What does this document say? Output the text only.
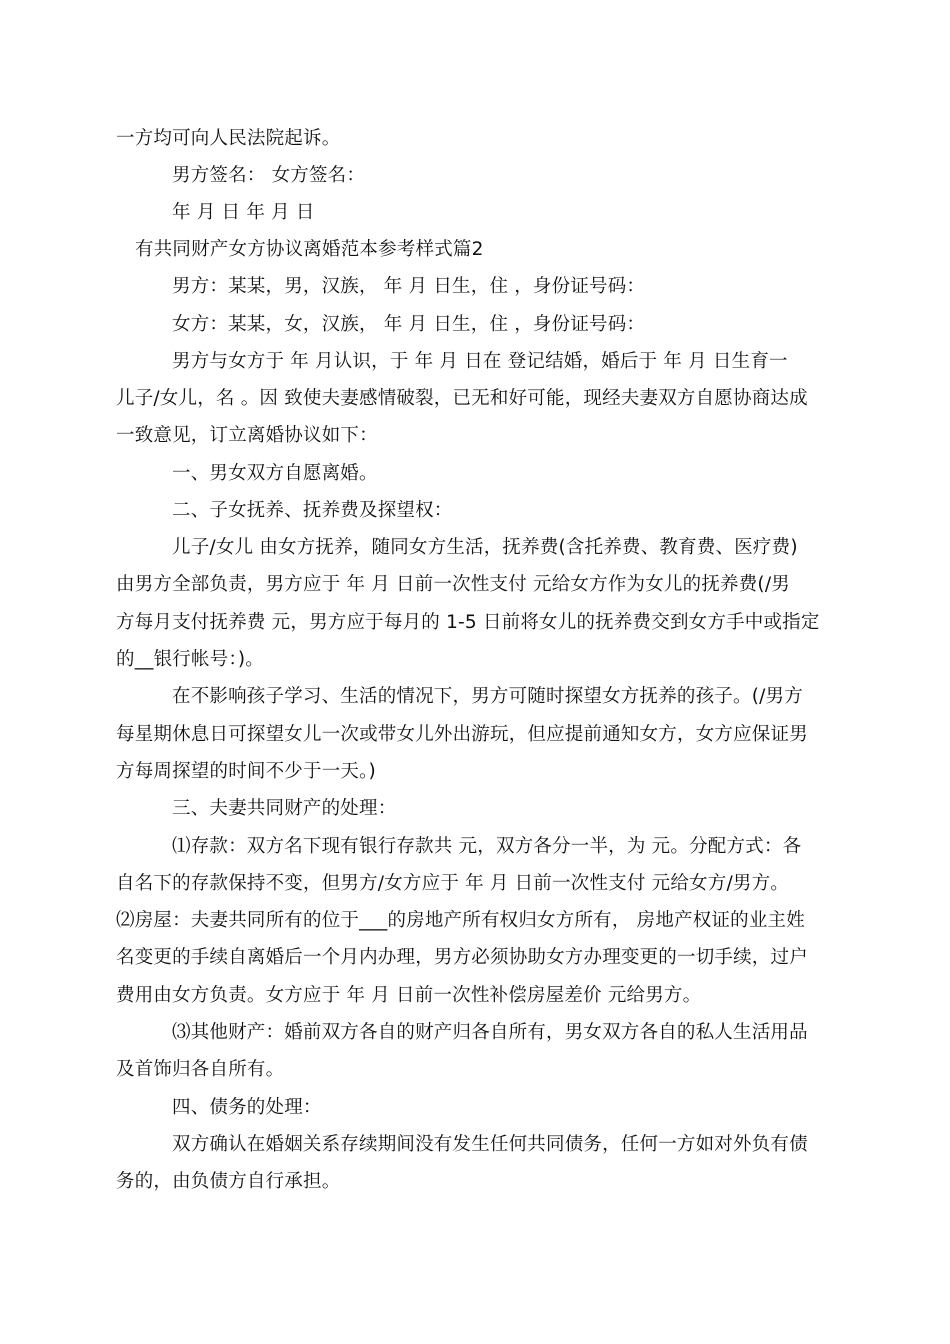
一方均可向人民法院起诉。
男方签名： 女方签名：
年 月 日 年 月 日
有共同财产女方协议离婚范本参考样式篇2
男方：某某，男，汉族， 年 月 日生，住 ，身份证号码：
女方：某某，女，汉族， 年 月 日生，住 ，身份证号码：
男方与女方于 年 月认识，于 年 月 日在 登记结婚，婚后于 年 月 日生育一
儿子/女儿，名 。因 致使夫妻感情破裂，已无和好可能，现经夫妻双方自愿协商达成
一致意见，订立离婚协议如下：
一、男女双方自愿离婚。
二、子女抚养、抚养费及探望权：
儿子/女儿 由女方抚养，随同女方生活，抚养费(含托养费、教育费、医疗费)
由男方全部负责，男方应于 年 月 日前一次性支付 元给女方作为女儿的抚养费(/男
方每月支付抚养费 元，男方应于每月的 1-5 日前将女儿的抚养费交到女方手中或指定
的__银行帐号：)。
在不影响孩子学习、生活的情况下，男方可随时探望女方抚养的孩子。(/男方
每星期休息日可探望女儿一次或带女儿外出游玩，但应提前通知女方，女方应保证男
方每周探望的时间不少于一天。)
三、夫妻共同财产的处理：
⑴存款：双方名下现有银行存款共 元，双方各分一半，为 元。分配方式：各
自名下的存款保持不变，但男方/女方应于 年 月 日前一次性支付 元给女方/男方。
⑵房屋：夫妻共同所有的位于___的房地产所有权归女方所有， 房地产权证的业主姓
名变更的手续自离婚后一个月内办理，男方必须协助女方办理变更的一切手续，过户
费用由女方负责。女方应于 年 月 日前一次性补偿房屋差价 元给男方。
⑶其他财产：婚前双方各自的财产归各自所有，男女双方各自的私人生活用品
及首饰归各自所有。
四、债务的处理：
双方确认在婚姻关系存续期间没有发生任何共同债务，任何一方如对外负有债
务的，由负债方自行承担。
